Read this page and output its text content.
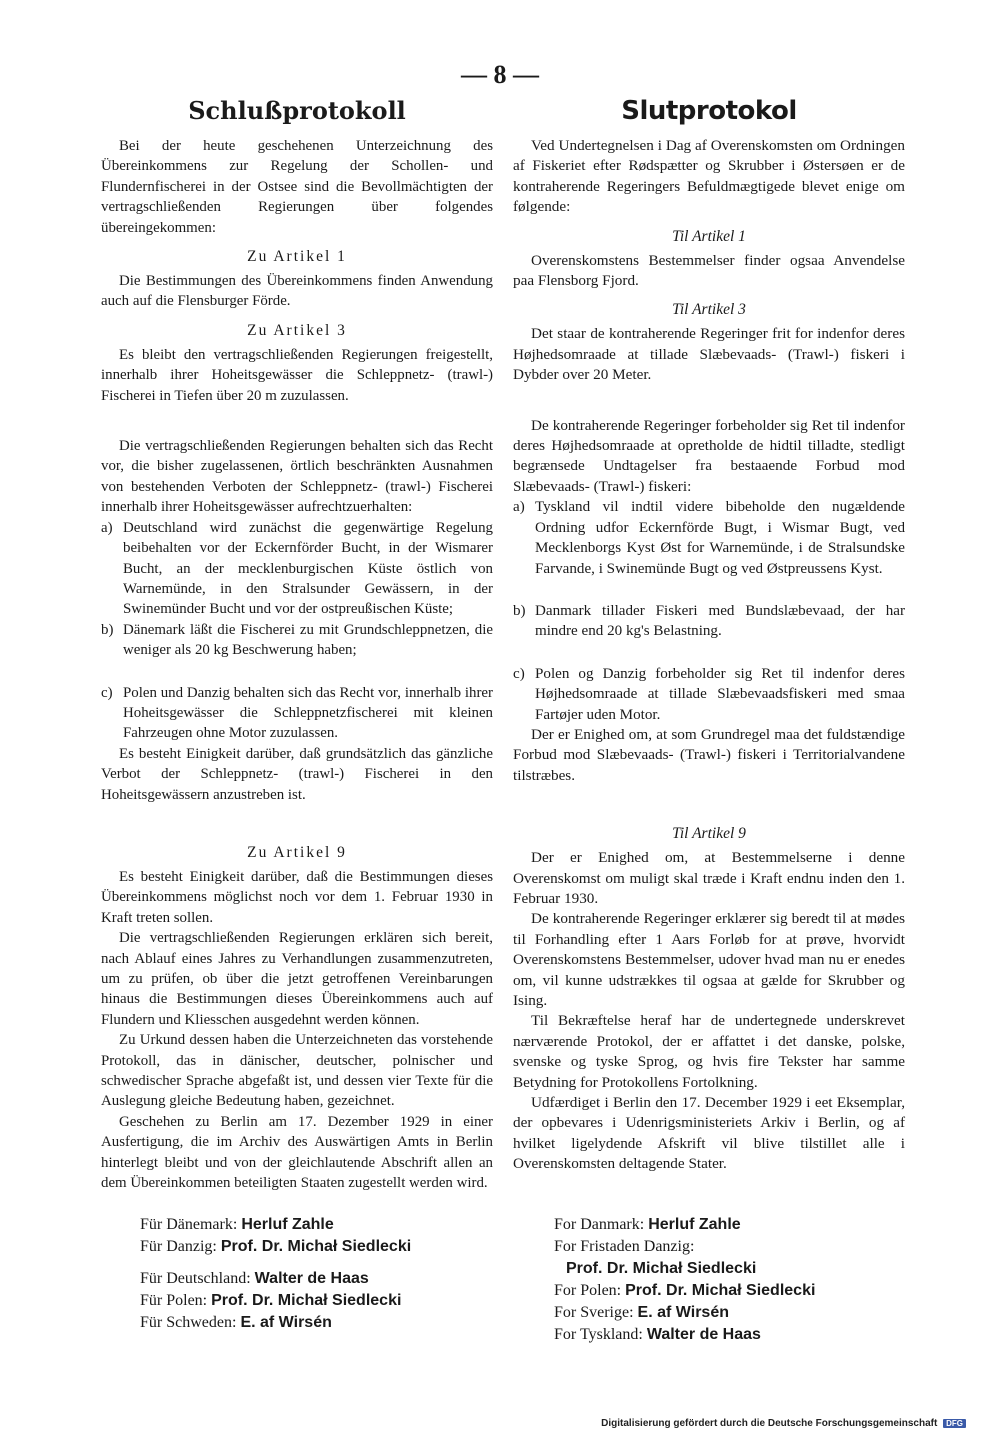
— 8 —
Schlußprotokoll

Bei der heute geschehenen Unterzeichnung des Übereinkommens zur Regelung der Schollen- und Flundernfischerei in der Ostsee sind die Bevollmächtigten der vertragschließenden Regierungen über folgendes übereingekommen:

Zu Artikel 1

Die Bestimmungen des Übereinkommens finden Anwendung auch auf die Flensburger Förde.

Zu Artikel 3

Es bleibt den vertragschließenden Regierungen freigestellt, innerhalb ihrer Hoheitsgewässer die Schleppnetz- (trawl-) Fischerei in Tiefen über 20 m zuzulassen.

Die vertragschließenden Regierungen behalten sich das Recht vor, die bisher zugelassenen, örtlich beschränkten Ausnahmen von bestehenden Verboten der Schleppnetz- (trawl-) Fischerei innerhalb ihrer Hoheitsgewässer aufrechtzuerhalten:

a) Deutschland wird zunächst die gegenwärtige Regelung beibehalten vor der Eckernförder Bucht, in der Wismarer Bucht, an der mecklenburgischen Küste östlich von Warnemünde, in den Stralsunder Gewässern, in der Swinemünder Bucht und vor der ostpreußischen Küste;
b) Dänemark läßt die Fischerei zu mit Grundschleppnetzen, die weniger als 20 kg Beschwerung haben;
c) Polen und Danzig behalten sich das Recht vor, innerhalb ihrer Hoheitsgewässer die Schleppnetzfischerei mit kleinen Fahrzeugen ohne Motor zuzulassen.

Es besteht Einigkeit darüber, daß grundsätzlich das gänzliche Verbot der Schleppnetz- (trawl-) Fischerei in den Hoheitsgewässern anzustreben ist.

Zu Artikel 9

Es besteht Einigkeit darüber, daß die Bestimmungen dieses Übereinkommens möglichst noch vor dem 1. Februar 1930 in Kraft treten sollen.

Die vertragschließenden Regierungen erklären sich bereit, nach Ablauf eines Jahres zu Verhandlungen zusammenzutreten, um zu prüfen, ob über die jetzt getroffenen Vereinbarungen hinaus die Bestimmungen dieses Übereinkommens auch auf Flundern und Kliesschen ausgedehnt werden können.

Zu Urkund dessen haben die Unterzeichneten das vorstehende Protokoll, das in dänischer, deutscher, polnischer und schwedischer Sprache abgefaßt ist, und dessen vier Texte für die Auslegung gleiche Bedeutung haben, gezeichnet.

Geschehen zu Berlin am 17. Dezember 1929 in einer Ausfertigung, die im Archiv des Auswärtigen Amts in Berlin hinterlegt bleibt und von der gleichlautende Abschrift allen an dem Übereinkommen beteiligten Staaten zugestellt werden wird.

Slutprotokol

Ved Undertegnelsen i Dag af Overenskomsten om Ordningen af Fiskeriet efter Rødspætter og Skrubber i Østersøen er de kontraherende Regeringers Befuldmægtigede blevet enige om følgende:

Til Artikel 1

Overenskomstens Bestemmelser finder ogsaa Anvendelse paa Flensborg Fjord.

Til Artikel 3

Det staar de kontraherende Regeringer frit for indenfor deres Højhedsomraade at tillade Slæbevaads- (Trawl-) fiskeri i Dybder over 20 Meter.

De kontraherende Regeringer forbeholder sig Ret til indenfor deres Højhedsomraade at opretholde de hidtil tilladte, stedligt begrænsede Undtagelser fra bestaaende Forbud mod Slæbevaads- (Trawl-) fiskeri:

a) Tyskland vil indtil videre bibeholde den nugældende Ordning udfor Eckernförde Bugt, i Wismar Bugt, ved Mecklenborgs Kyst Øst for Warnemünde, i de Stralsundske Farvande, i Swinemünde Bugt og ved Østpreussens Kyst.
b) Danmark tillader Fiskeri med Bundslæbevaad, der har mindre end 20 kg's Belastning.
c) Polen og Danzig forbeholder sig Ret til indenfor deres Højhedsomraade at tillade Slæbevaadsfiskeri med smaa Fartøjer uden Motor.

Der er Enighed om, at som Grundregel maa det fuldstændige Forbud mod Slæbevaads- (Trawl-) fiskeri i Territorialvandene tilstræbes.

Til Artikel 9

Der er Enighed om, at Bestemmelserne i denne Overenskomst om muligt skal træde i Kraft endnu inden den 1. Februar 1930.

De kontraherende Regeringer erklærer sig beredt til at mødes til Forhandling efter 1 Aars Forløb for at prøve, hvorvidt Overenskomstens Bestemmelser, udover hvad man nu er enedes om, vil kunne udstrækkes til ogsaa at gælde for Skrubber og Ising.

Til Bekræftelse heraf har de undertegnede underskrevet nærværende Protokol, der er affattet i det danske, polske, svenske og tyske Sprog, og hvis fire Tekster har samme Betydning for Protokollens Fortolkning.

Udfærdiget i Berlin den 17. December 1929 i eet Eksemplar, der opbevares i Udenrigsministeriets Arkiv i Berlin, og af hvilket ligelydende Afskrift vil blive tilstillet alle i Overenskomsten deltagende Stater.

Für Dänemark: Herluf Zahle
Für Danzig: Prof. Dr. Michał Siedlecki
Für Deutschland: Walter de Haas
Für Polen: Prof. Dr. Michał Siedlecki
Für Schweden: E. af Wirsén
For Danmark: Herluf Zahle
For Fristaden Danzig:
Prof. Dr. Michał Siedlecki
For Polen: Prof. Dr. Michał Siedlecki
For Sverige: E. af Wirsén
For Tyskland: Walter de Haas
Digitalisierung gefördert durch die Deutsche Forschungsgemeinschaft DFG
